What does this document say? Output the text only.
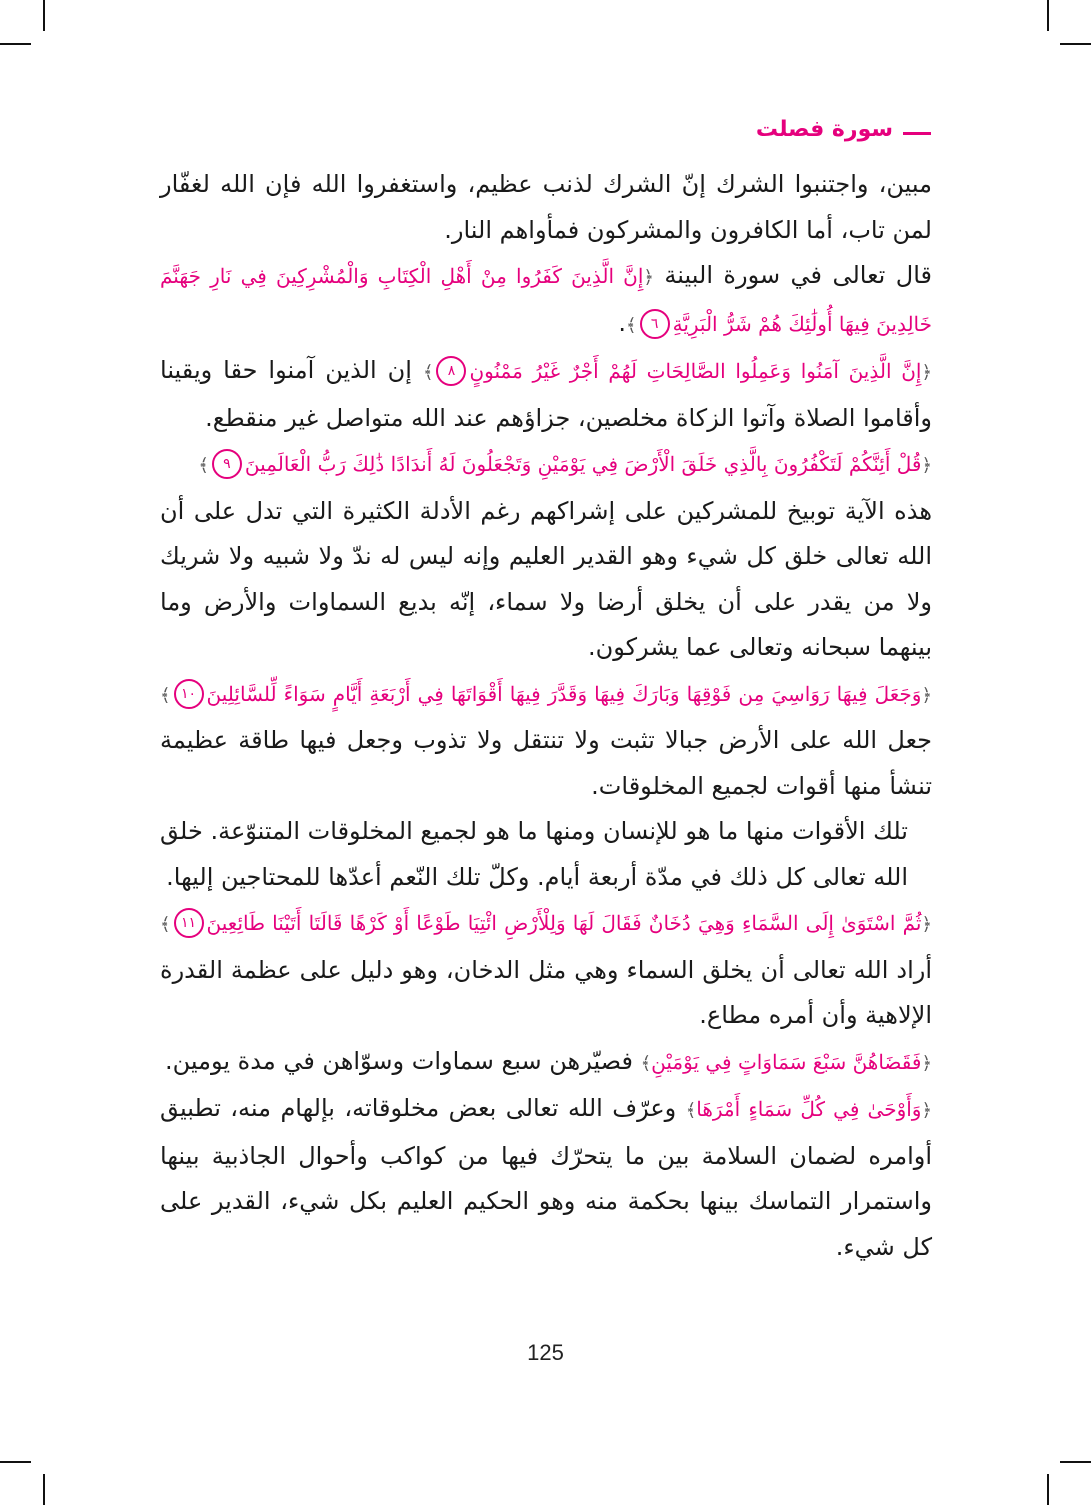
سورة فصلت

مبين، واجتنبوا الشرك إنّ الشرك لذنب عظيم، واستغفروا الله فإن الله لغفّار لمن تاب، أما الكافرون والمشركون فمأواهم النار.

قال تعالى في سورة البينة ﴿إِنَّ الَّذِينَ كَفَرُوا مِنْ أَهْلِ الْكِتَابِ وَالْمُشْرِكِينَ فِي نَارِ جَهَنَّمَ خَالِدِينَ فِيهَا أُولَٰئِكَ هُمْ شَرُّ الْبَرِيَّةِ٦﴾.

﴿إِنَّ الَّذِينَ آمَنُوا وَعَمِلُوا الصَّالِحَاتِ لَهُمْ أَجْرٌ غَيْرُ مَمْنُونٍ٨﴾ إن الذين آمنوا حقا ويقينا وأقاموا الصلاة وآتوا الزكاة مخلصين، جزاؤهم عند الله متواصل غير منقطع.

﴿قُلْ أَئِنَّكُمْ لَتَكْفُرُونَ بِالَّذِي خَلَقَ الْأَرْضَ فِي يَوْمَيْنِ وَتَجْعَلُونَ لَهُ أَندَادًا ذَٰلِكَ رَبُّ الْعَالَمِينَ٩﴾

هذه الآية توبيخ للمشركين على إشراكهم رغم الأدلة الكثيرة التي تدل على أن الله تعالى خلق كل شيء وهو القدير العليم وإنه ليس له ندّ ولا شبيه ولا شريك ولا من يقدر على أن يخلق أرضا ولا سماء، إنّه بديع السماوات والأرض وما بينهما سبحانه وتعالى عما يشركون.

﴿وَجَعَلَ فِيهَا رَوَاسِيَ مِن فَوْقِهَا وَبَارَكَ فِيهَا وَقَدَّرَ فِيهَا أَقْوَاتَهَا فِي أَرْبَعَةِ أَيَّامٍ سَوَاءً لِّلسَّائِلِينَ١٠﴾ جعل الله على الأرض جبالا تثبت ولا تنتقل ولا تذوب وجعل فيها طاقة عظيمة تنشأ منها أقوات لجميع المخلوقات.

تلك الأقوات منها ما هو للإنسان ومنها ما هو لجميع المخلوقات المتنوّعة. خلق الله تعالى كل ذلك في مدّة أربعة أيام. وكلّ تلك النّعم أعدّها للمحتاجين إليها.

﴿ثُمَّ اسْتَوَىٰ إِلَى السَّمَاءِ وَهِيَ دُخَانٌ فَقَالَ لَهَا وَلِلْأَرْضِ ائْتِيَا طَوْعًا أَوْ كَرْهًا قَالَتَا أَتَيْنَا طَائِعِينَ١١﴾ أراد الله تعالى أن يخلق السماء وهي مثل الدخان، وهو دليل على عظمة القدرة الإلاهية وأن أمره مطاع.

﴿فَقَضَاهُنَّ سَبْعَ سَمَاوَاتٍ فِي يَوْمَيْنِ﴾ فصيّرهن سبع سماوات وسوّاهن في مدة يومين.

﴿وَأَوْحَىٰ فِي كُلِّ سَمَاءٍ أَمْرَهَا﴾ وعرّف الله تعالى بعض مخلوقاته، بإلهام منه، تطبيق أوامره لضمان السلامة بين ما يتحرّك فيها من كواكب وأحوال الجاذبية بينها واستمرار التماسك بينها بحكمة منه وهو الحكيم العليم بكل شيء، القدير على كل شيء.

125
